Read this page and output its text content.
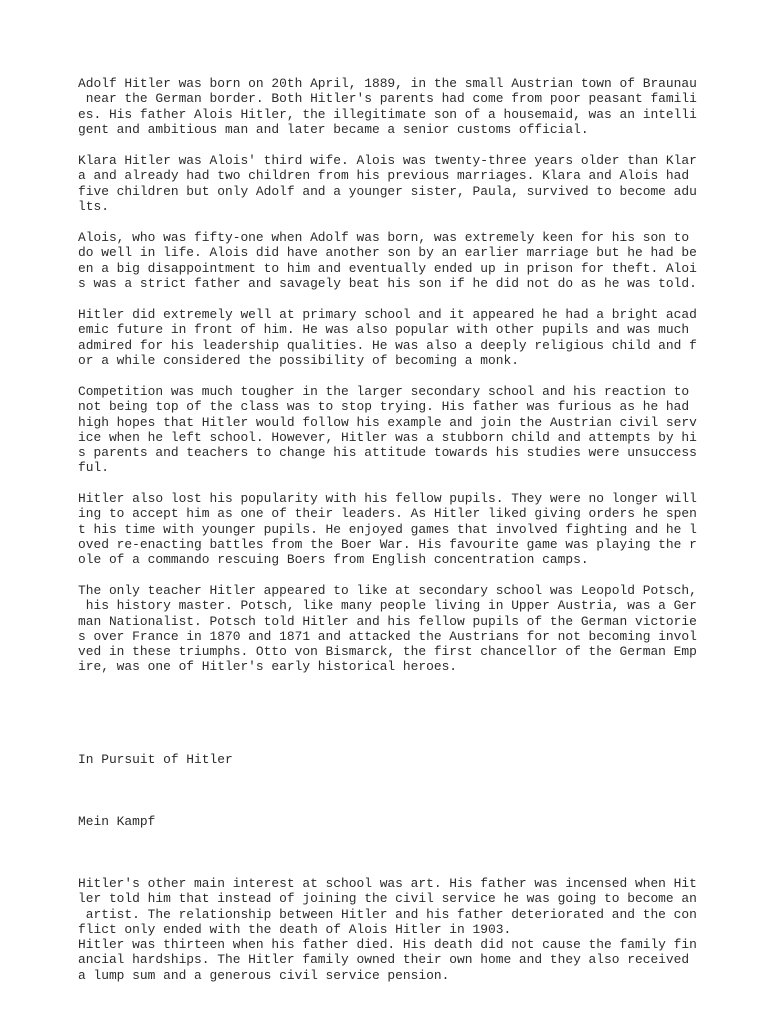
Adolf Hitler was born on 20th April, 1889, in the small Austrian town of Braunau
near the German border. Both Hitler's parents had come from poor peasant famili
es. His father Alois Hitler, the illegitimate son of a housemaid, was an intelli
gent and ambitious man and later became a senior customs official.

Klara Hitler was Alois' third wife. Alois was twenty-three years older than Klar
a and already had two children from his previous marriages. Klara and Alois had
five children but only Adolf and a younger sister, Paula, survived to become adu
lts.

Alois, who was fifty-one when Adolf was born, was extremely keen for his son to
do well in life. Alois did have another son by an earlier marriage but he had be
en a big disappointment to him and eventually ended up in prison for theft. Aloi
s was a strict father and savagely beat his son if he did not do as he was told.

Hitler did extremely well at primary school and it appeared he had a bright acad
emic future in front of him. He was also popular with other pupils and was much
admired for his leadership qualities. He was also a deeply religious child and f
or a while considered the possibility of becoming a monk.

Competition was much tougher in the larger secondary school and his reaction to
not being top of the class was to stop trying. His father was furious as he had
high hopes that Hitler would follow his example and join the Austrian civil serv
ice when he left school. However, Hitler was a stubborn child and attempts by hi
s parents and teachers to change his attitude towards his studies were unsuccess
ful.

Hitler also lost his popularity with his fellow pupils. They were no longer will
ing to accept him as one of their leaders. As Hitler liked giving orders he spen
t his time with younger pupils. He enjoyed games that involved fighting and he l
oved re-enacting battles from the Boer War. His favourite game was playing the r
ole of a commando rescuing Boers from English concentration camps.

The only teacher Hitler appeared to like at secondary school was Leopold Potsch,
his history master. Potsch, like many people living in Upper Austria, was a Ger
man Nationalist. Potsch told Hitler and his fellow pupils of the German victorie
s over France in 1870 and 1871 and attacked the Austrians for not becoming invol
ved in these triumphs. Otto von Bismarck, the first chancellor of the German Emp
ire, was one of Hitler's early historical heroes.

In Pursuit of Hitler

Mein Kampf

Hitler's other main interest at school was art. His father was incensed when Hit
ler told him that instead of joining the civil service he was going to become an
artist. The relationship between Hitler and his father deteriorated and the con
flict only ended with the death of Alois Hitler in 1903.
Hitler was thirteen when his father died. His death did not cause the family fin
ancial hardships. The Hitler family owned their own home and they also received
a lump sum and a generous civil service pension.
